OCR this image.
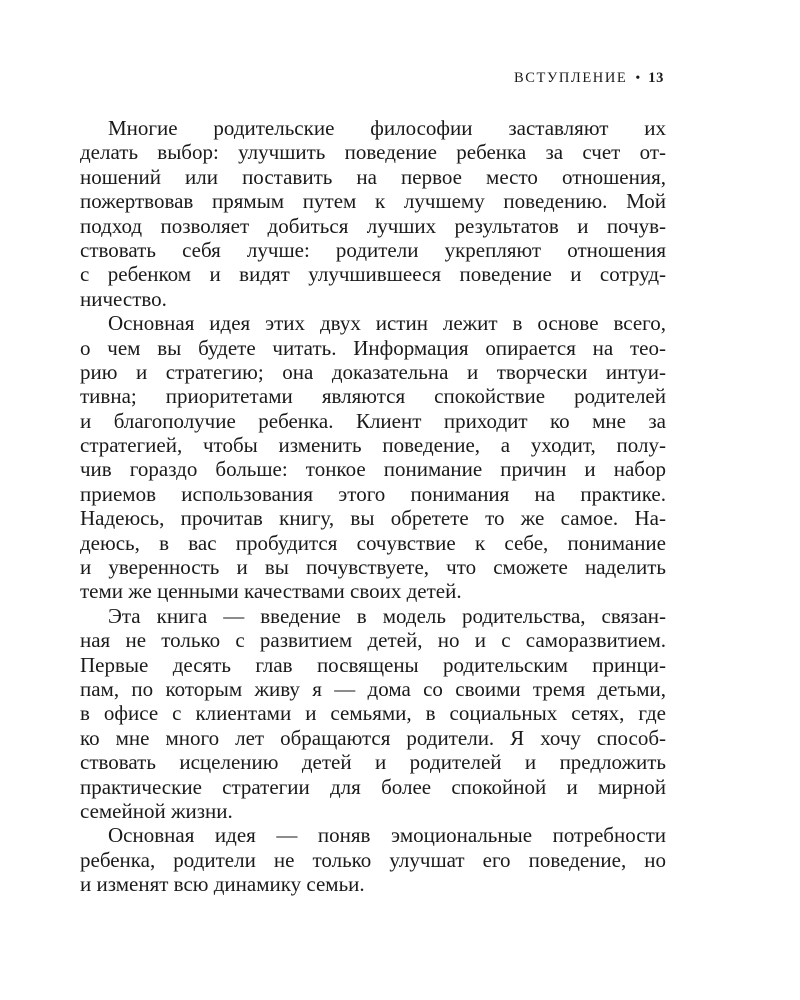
ВСТУПЛЕНИЕ • 13
Многие родительские философии заставляют их
делать выбор: улучшить поведение ребенка за счет от-
ношений или поставить на первое место отношения,
пожертвовав прямым путем к лучшему поведению. Мой
подход позволяет добиться лучших результатов и почув-
ствовать себя лучше: родители укрепляют отношения
с ребенком и видят улучшившееся поведение и сотруд-
ничество.
Основная идея этих двух истин лежит в основе всего,
о чем вы будете читать. Информация опирается на тео-
рию и стратегию; она доказательна и творчески интуи-
тивна; приоритетами являются спокойствие родителей
и благополучие ребенка. Клиент приходит ко мне за
стратегией, чтобы изменить поведение, а уходит, полу-
чив гораздо больше: тонкое понимание причин и набор
приемов использования этого понимания на практике.
Надеюсь, прочитав книгу, вы обретете то же самое. На-
деюсь, в вас пробудится сочувствие к себе, понимание
и уверенность и вы почувствуете, что сможете наделить
теми же ценными качествами своих детей.
Эта книга — введение в модель родительства, связан-
ная не только с развитием детей, но и с саморазвитием.
Первые десять глав посвящены родительским принци-
пам, по которым живу я — дома со своими тремя детьми,
в офисе с клиентами и семьями, в социальных сетях, где
ко мне много лет обращаются родители. Я хочу способ-
ствовать исцелению детей и родителей и предложить
практические стратегии для более спокойной и мирной
семейной жизни.
Основная идея — поняв эмоциональные потребности
ребенка, родители не только улучшат его поведение, но
и изменят всю динамику семьи.
